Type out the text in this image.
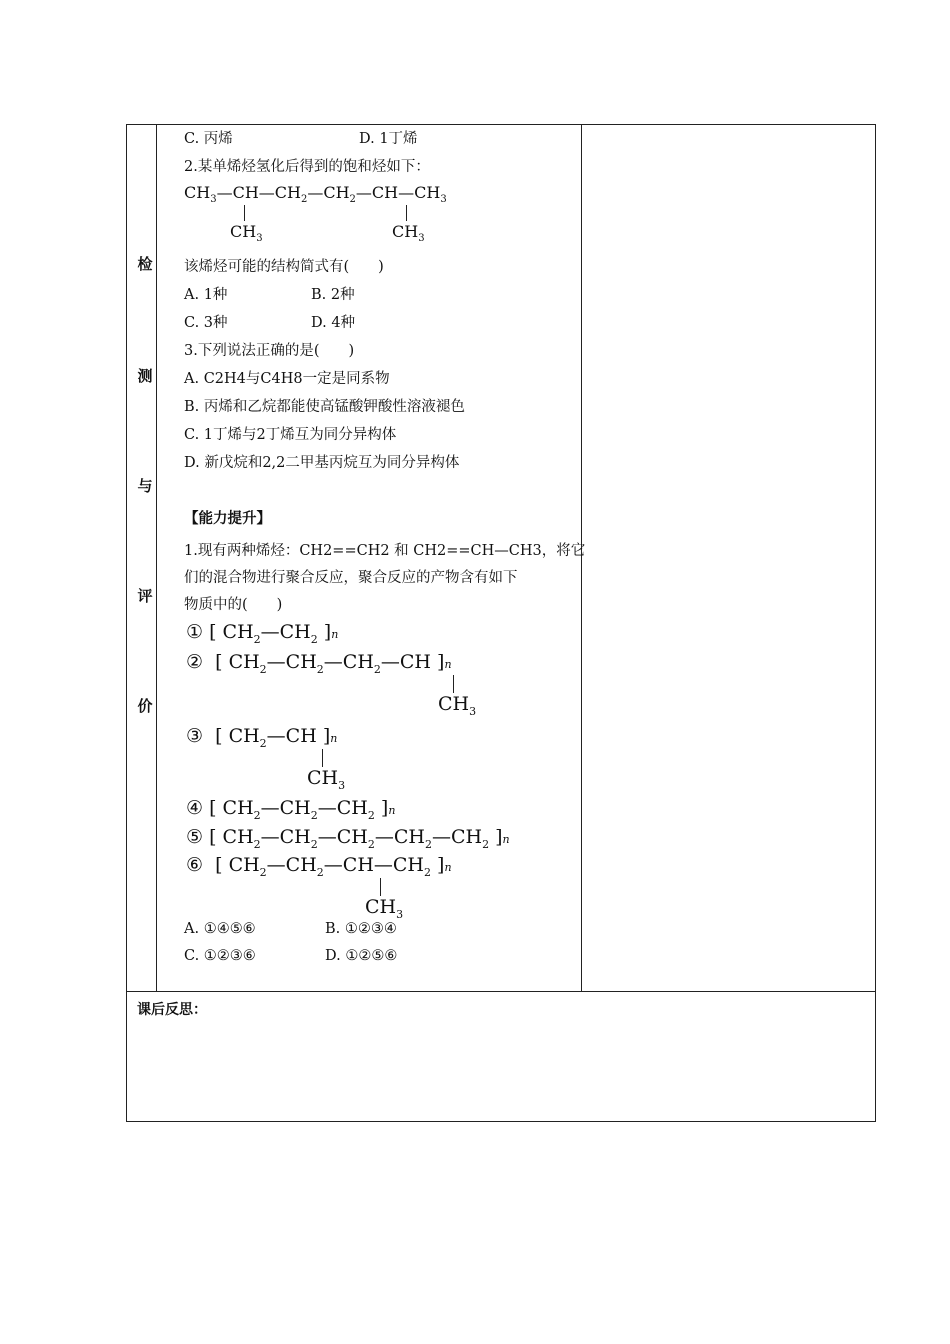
检
测
与
评
价
C. 丙烯	D. 1丁烯
2.某单烯烃氢化后得到的饱和烃如下：
$CH_3—CH—CH_2—CH_2—CH—CH_3$
$CH_3$	$CH_3$
该烯烃可能的结构简式有(　　)
A. 1种	B. 2种
C. 3种	D. 4种
3.下列说法正确的是(　　)
A. C2H4与C4H8一定是同系物
B. 丙烯和乙烷都能使高锰酸钾酸性溶液褪色
C. 1丁烯与2丁烯互为同分异构体
D. 新戊烷和2,2二甲基丙烷互为同分异构体
【能力提升】
1.现有两种烯烃：CH2==CH2 和 CH2==CH—CH3，将它
们的混合物进行聚合反应，聚合反应的产物含有如下
物质中的(　　)
① [ $CH_2—CH_2$ ]n
②  [ $CH_2—CH_2—CH_2—CH$ ]n
$CH_3$
③  [ $CH_2—CH$ ]n
$CH_3$
④ [ $CH_2—CH_2—CH_2$ ]n
⑤ [ $CH_2—CH_2—CH_2—CH_2—CH_2$ ]n
⑥  [ $CH_2—CH_2—CH—CH_2$ ]n
$CH_3$
A. ①④⑤⑥	B. ①②③④
C. ①②③⑥	D. ①②⑤⑥
课后反思：
